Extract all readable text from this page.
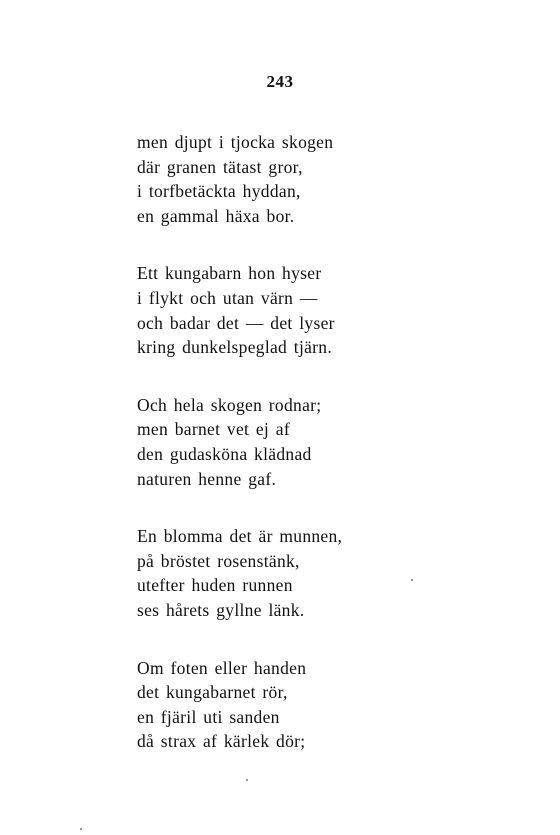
243
men djupt i tjocka skogen
där granen tätast gror,
i torfbetäckta hyddan,
en gammal häxa bor.
Ett kungabarn hon hyser
i flykt och utan värn —
och badar det — det lyser
kring dunkelspeglad tjärn.
Och hela skogen rodnar;
men barnet vet ej af
den gudasköna klädnad
naturen henne gaf.
En blomma det är munnen,
på bröstet rosenstänk,
utefter huden runnen
ses hårets gyllne länk.
Om foten eller handen
det kungabarnet rör,
en fjäril uti sanden
då strax af kärlek dör;
